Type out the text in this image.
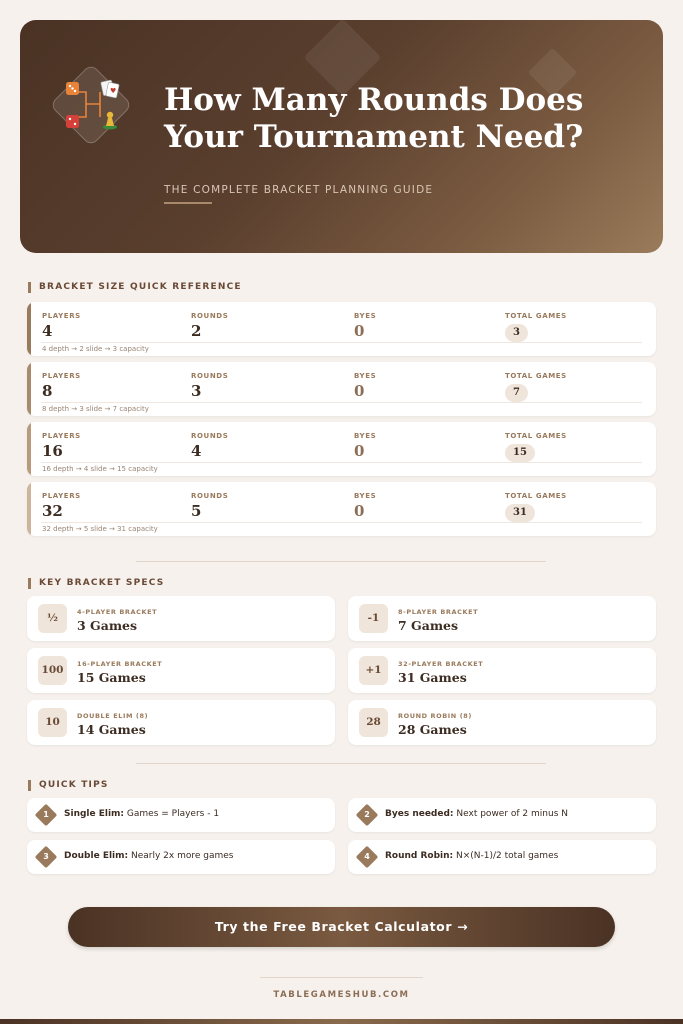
♥ How Many Rounds Does
Your Tournament Need?
THE COMPLETE BRACKET PLANNING GUIDE
BRACKET SIZE QUICK REFERENCE
PLAYERS
4
ROUNDS
2
BYES
0
TOTAL GAMES
3
4 depth → 2 slide → 3 capacity
PLAYERS
8
ROUNDS
3
BYES
0
TOTAL GAMES
7
8 depth → 3 slide → 7 capacity
PLAYERS
16
ROUNDS
4
BYES
0
TOTAL GAMES
15
16 depth → 4 slide → 15 capacity
PLAYERS
32
ROUNDS
5
BYES
0
TOTAL GAMES
31
32 depth → 5 slide → 31 capacity
KEY BRACKET SPECS
½	4-PLAYER BRACKET
3 Games	-1	8-PLAYER BRACKET
7 Games
100	16-PLAYER BRACKET
15 Games	+1	32-PLAYER BRACKET
31 Games
10	DOUBLE ELIM (8)
14 Games	28	ROUND ROBIN (8)
28 Games
QUICK TIPS
1	Single Elim: Games = Players - 1	2	Byes needed: Next power of 2 minus N
3	Double Elim: Nearly 2x more games	4	Round Robin: N×(N-1)/2 total games
Try the Free Bracket Calculator →
TABLEGAMESHUB.COM
